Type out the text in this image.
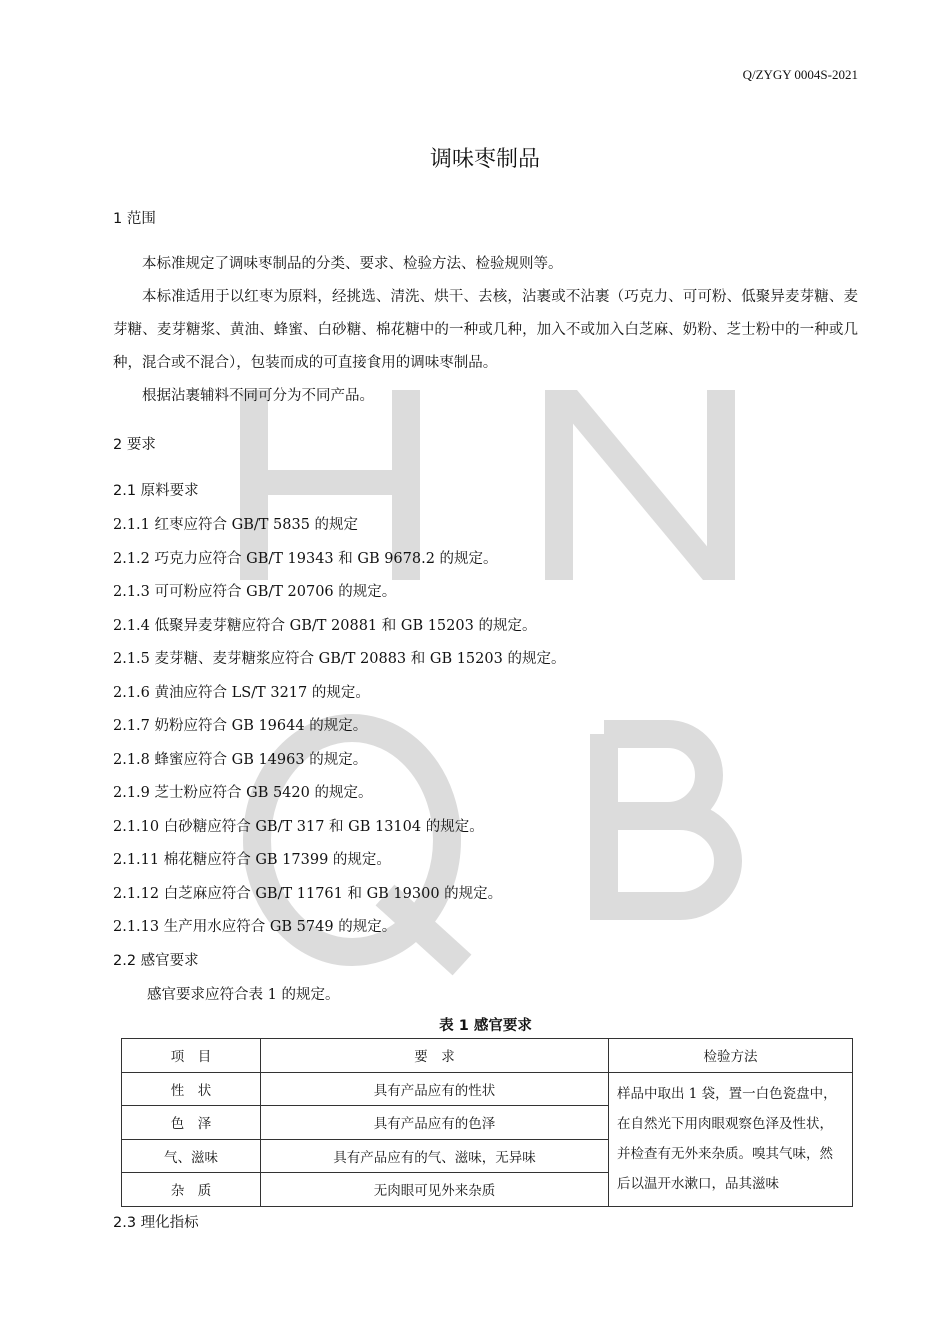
Q/ZYGY 0004S-2021
调味枣制品
1 范围
本标准规定了调味枣制品的分类、要求、检验方法、检验规则等。
本标准适用于以红枣为原料，经挑选、清洗、烘干、去核，沾裹或不沾裹（巧克力、可可粉、低聚异麦芽糖、麦芽糖、麦芽糖浆、黄油、蜂蜜、白砂糖、棉花糖中的一种或几种，加入不或加入白芝麻、奶粉、芝士粉中的一种或几种，混合或不混合），包装而成的可直接食用的调味枣制品。
根据沾裹辅料不同可分为不同产品。
2 要求
2.1 原料要求
2.1.1 红枣应符合 GB/T 5835 的规定
2.1.2 巧克力应符合 GB/T 19343 和 GB 9678.2 的规定。
2.1.3 可可粉应符合 GB/T 20706 的规定。
2.1.4 低聚异麦芽糖应符合 GB/T 20881 和 GB 15203 的规定。
2.1.5 麦芽糖、麦芽糖浆应符合 GB/T 20883 和 GB 15203 的规定。
2.1.6 黄油应符合 LS/T 3217 的规定。
2.1.7 奶粉应符合 GB 19644 的规定。
2.1.8 蜂蜜应符合 GB 14963 的规定。
2.1.9 芝士粉应符合 GB 5420 的规定。
2.1.10 白砂糖应符合 GB/T 317 和 GB 13104 的规定。
2.1.11 棉花糖应符合 GB 17399 的规定。
2.1.12 白芝麻应符合 GB/T 11761 和 GB 19300 的规定。
2.1.13 生产用水应符合 GB 5749 的规定。
2.2 感官要求
感官要求应符合表 1 的规定。
表 1 感官要求
项　目	要　求	检验方法
性　状	具有产品应有的性状	样品中取出 1 袋，置一白色瓷盘中，在自然光下用肉眼观察色泽及性状，并检查有无外来杂质。嗅其气味，然后以温开水漱口，品其滋味
色　泽	具有产品应有的色泽	
气、滋味	具有产品应有的气、滋味，无异味	
杂　质	无肉眼可见外来杂质	
2.3 理化指标
